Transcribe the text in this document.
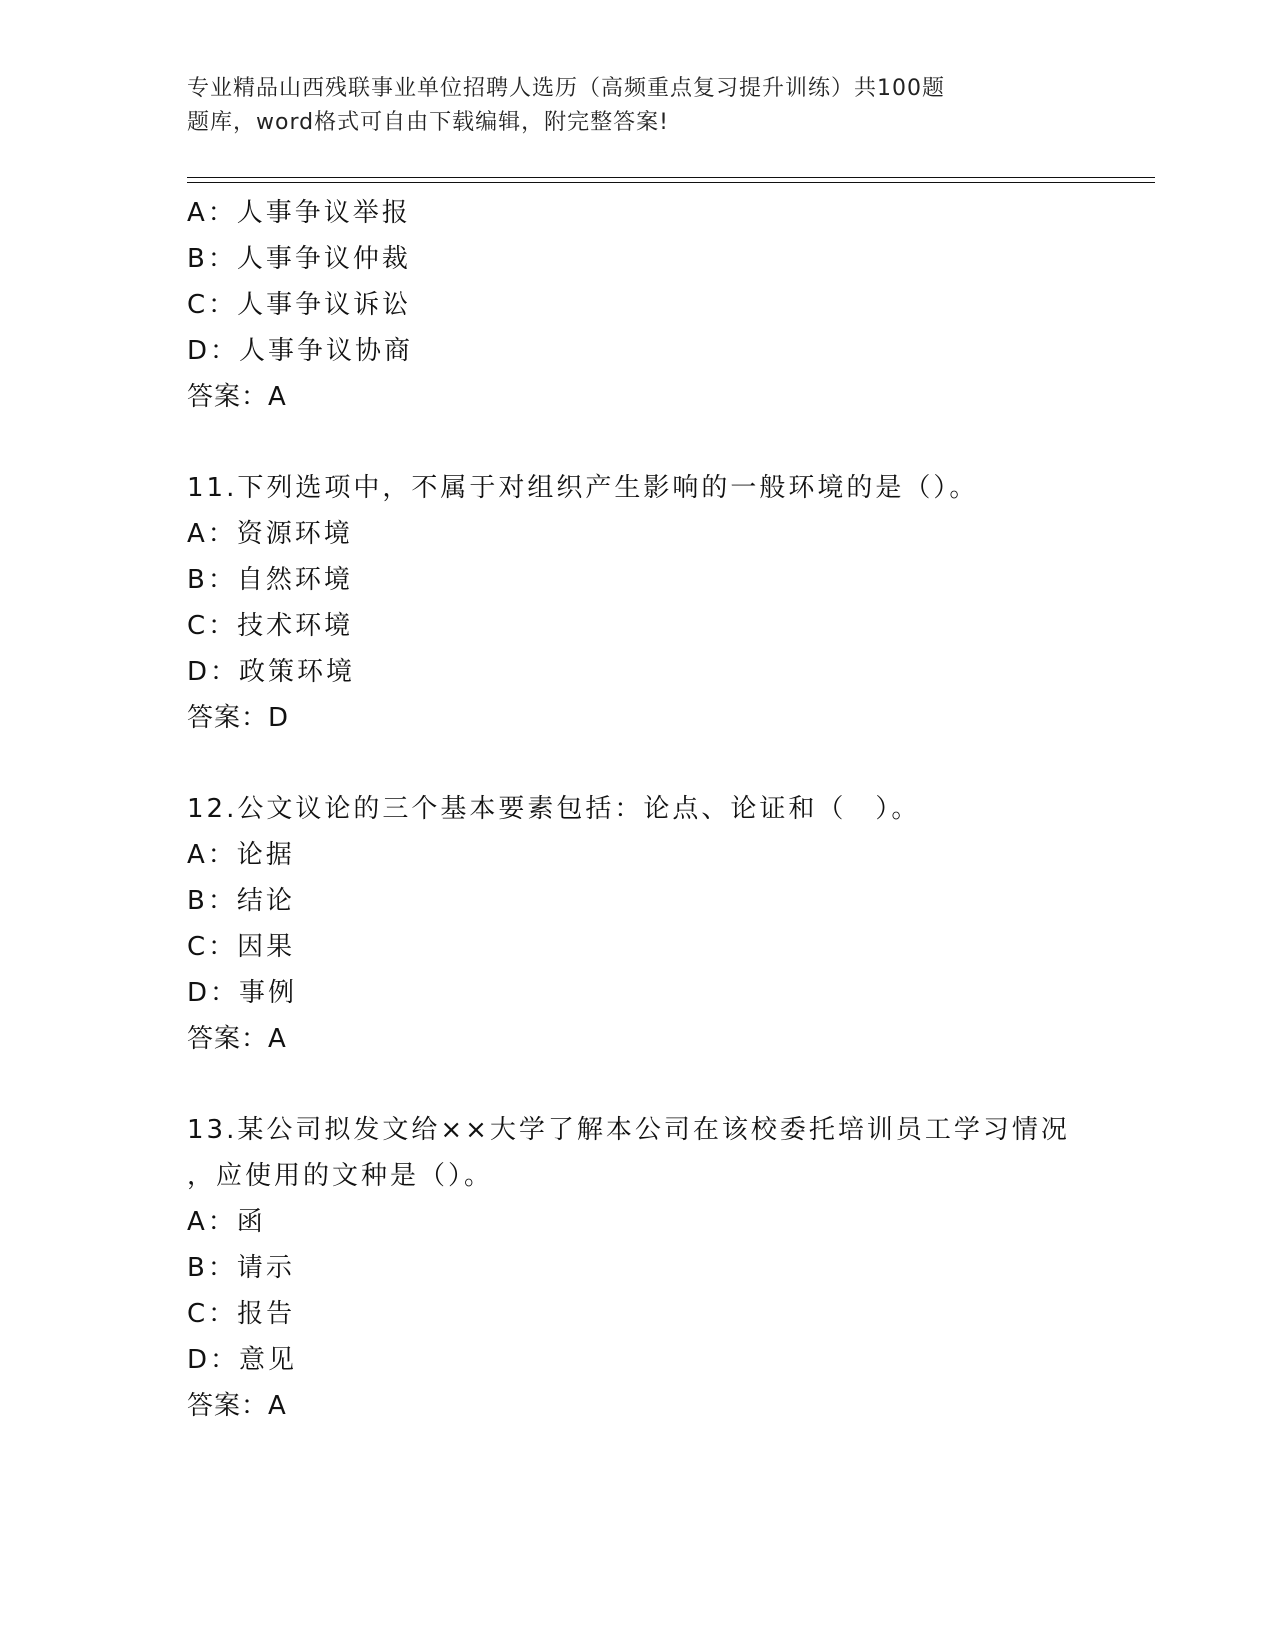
专业精品山西残联事业单位招聘人选历（高频重点复习提升训练）共100题
题库，word格式可自由下载编辑，附完整答案!
A：人事争议举报
B：人事争议仲裁
C：人事争议诉讼
D：人事争议协商
答案：A
11.下列选项中，不属于对组织产生影响的一般环境的是（）。
A：资源环境
B：自然环境
C：技术环境
D：政策环境
答案：D
12.公文议论的三个基本要素包括：论点、论证和（　）。
A：论据
B：结论
C：因果
D：事例
答案：A
13.某公司拟发文给××大学了解本公司在该校委托培训员工学习情况
，应使用的文种是（）。
A：函
B：请示
C：报告
D：意见
答案：A
